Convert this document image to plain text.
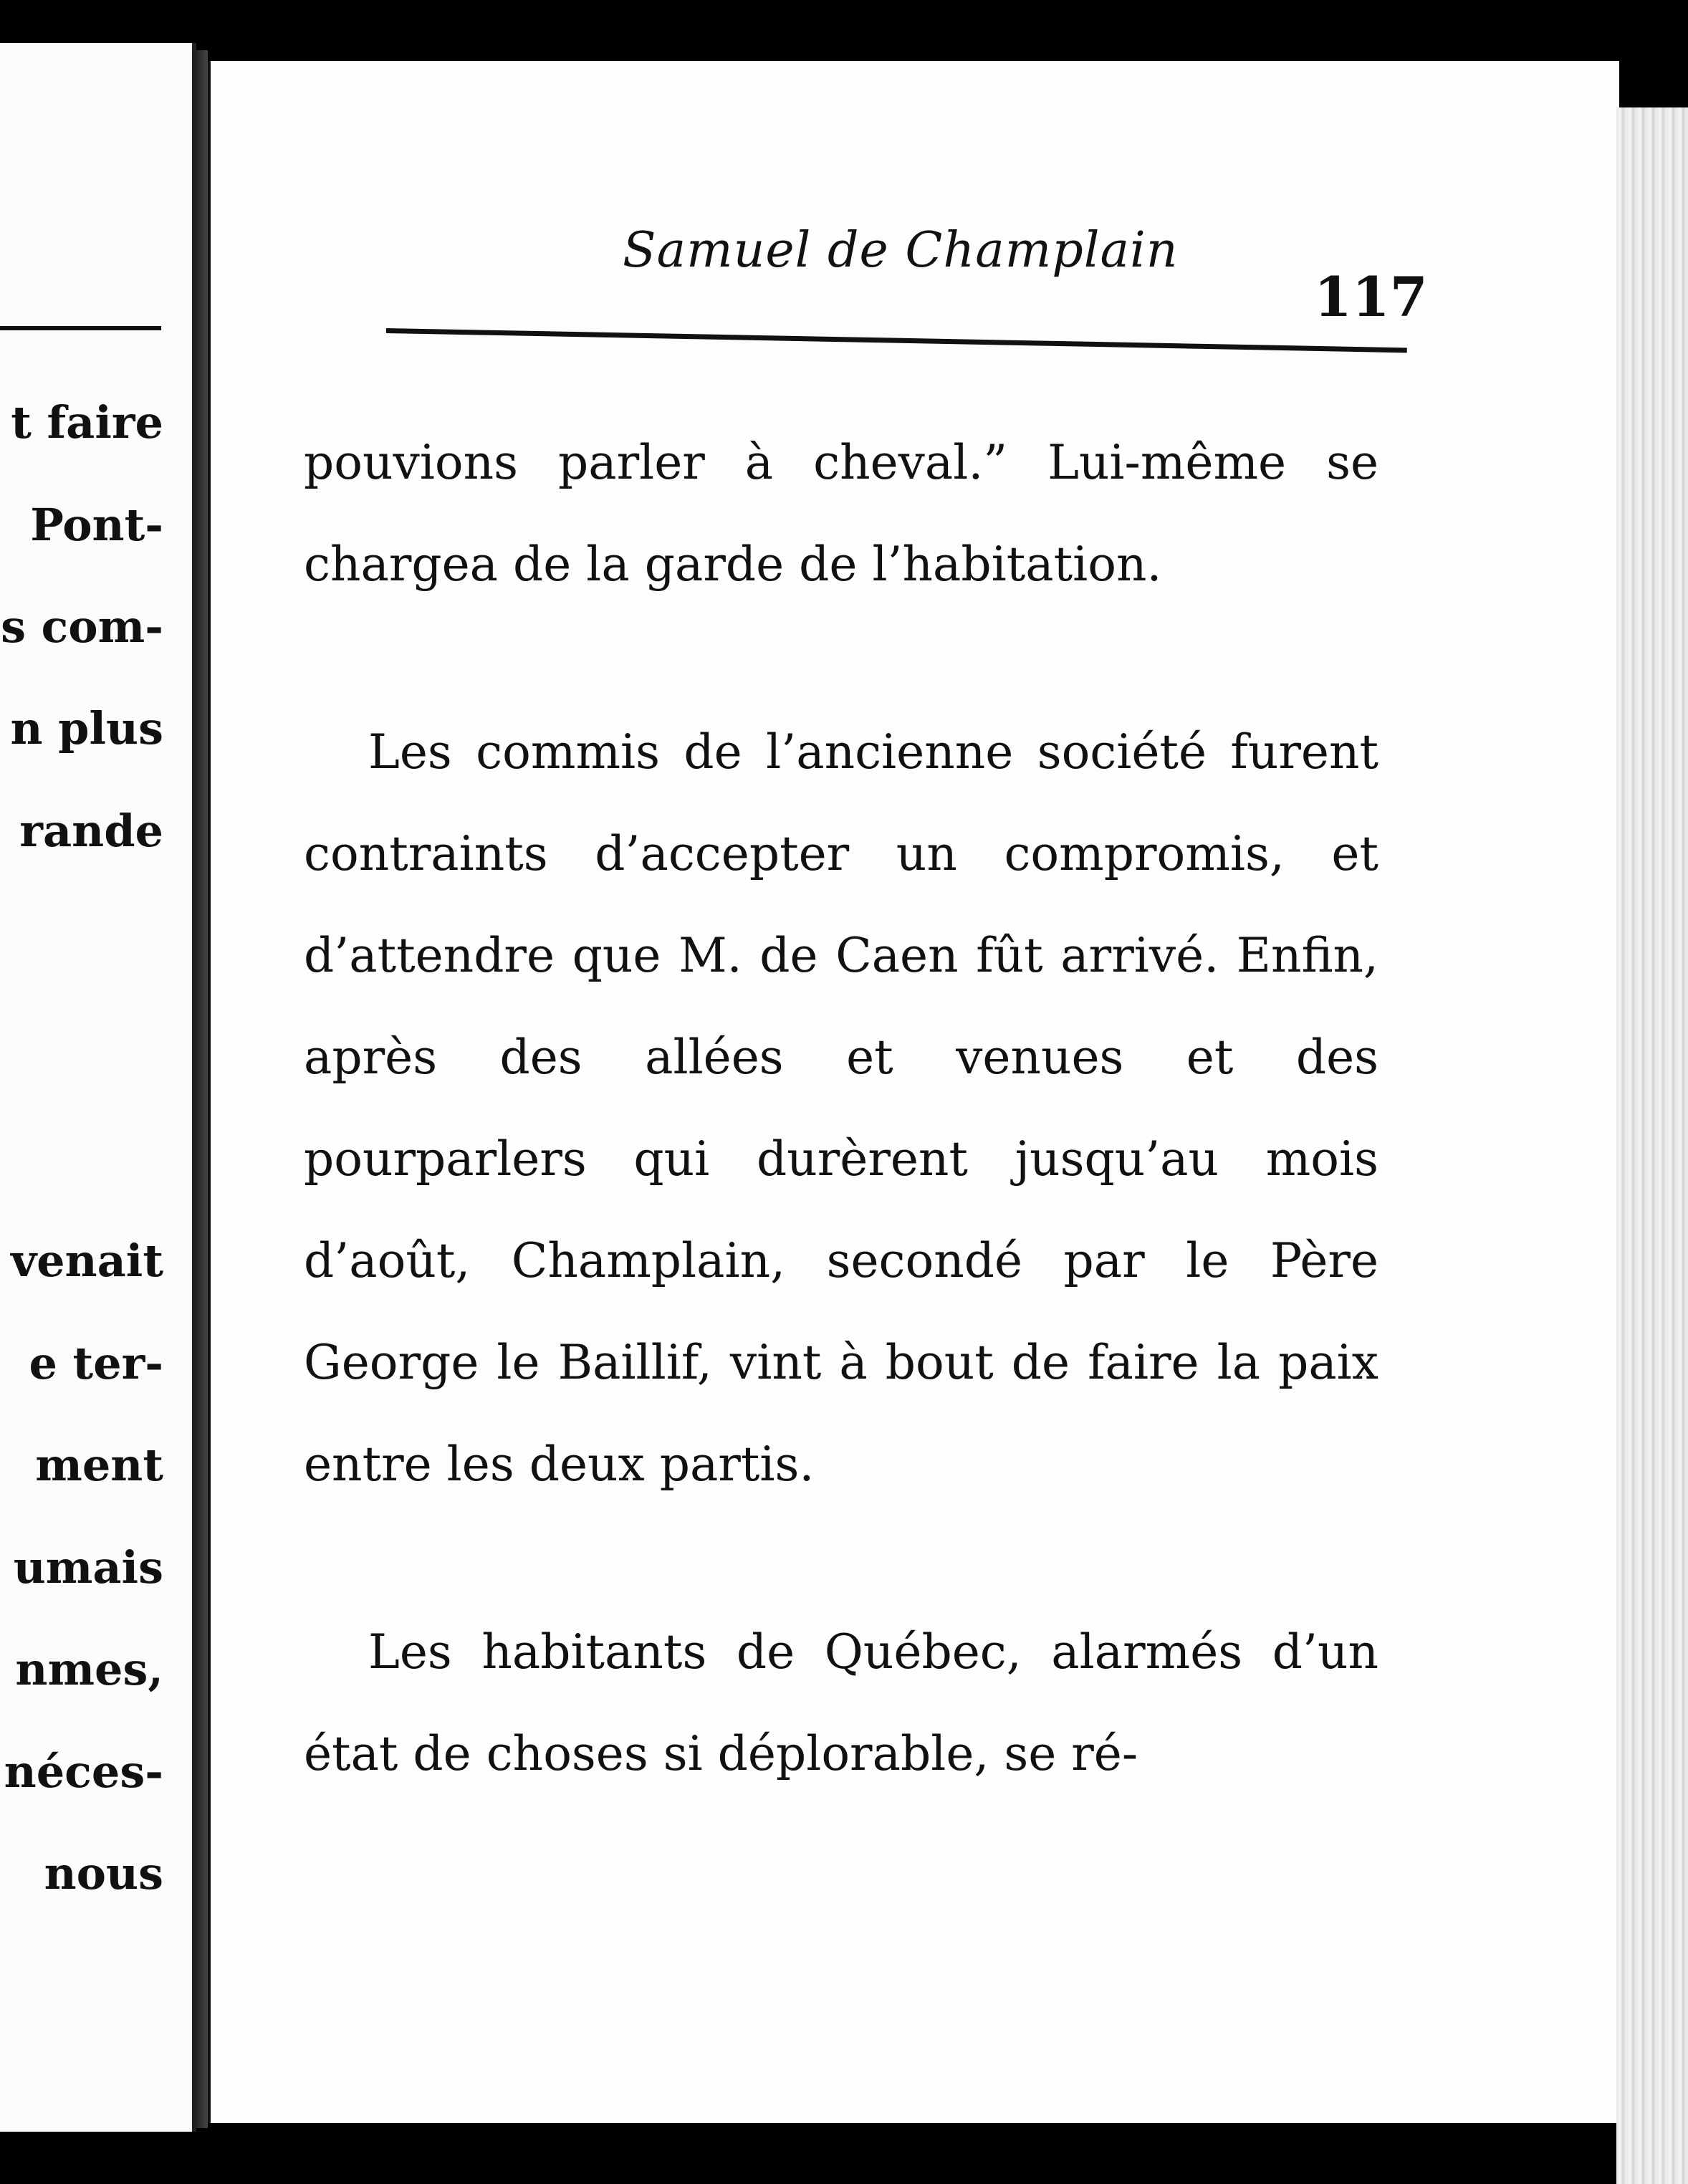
t faire

Pont-

s com-

n plus

rande

venait

e ter-

ment

umais

nmes,

néces-

nous

Samuel de Champlain

117

pouvions parler à cheval.” Lui-même se chargea de la garde de l’habitation.

Les commis de l’ancienne société furent contraints d’accepter un compromis, et d’attendre que M. de Caen fût arrivé. Enfin, après des allées et venues et des pourparlers qui durèrent jusqu’au mois d’août, Champlain, secondé par le Père George le Baillif, vint à bout de faire la paix entre les deux partis.

Les habitants de Québec, alarmés d’un état de choses si déplorable, se ré-
